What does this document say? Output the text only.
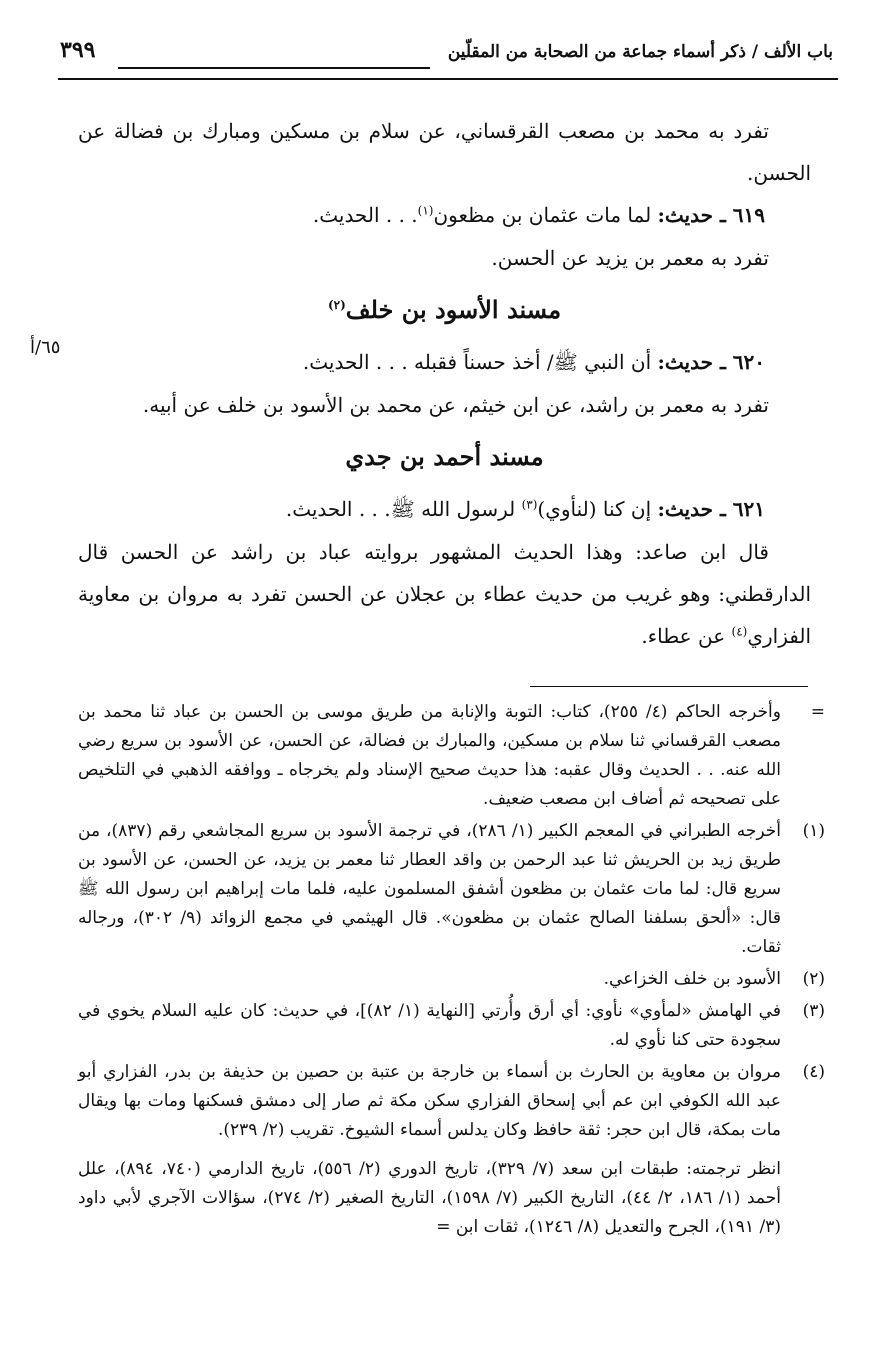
باب الألف / ذكر أسماء جماعة من الصحابة من المقلّين
٣٩٩
٦٥/أ

تفرد به محمد بن مصعب القرقساني، عن سلام بن مسكين ومبارك بن فضالة عن الحسن.

٦١٩ ـ حديث: لما مات عثمان بن مظعون$^{(١)}$. . . الحديث.

تفرد به معمر بن يزيد عن الحسن.

مسند الأسود بن خلف$^{(٢)}$

٦٢٠ ـ حديث: أن النبي ﷺ/ أخذ حسناً فقبله . . . الحديث.

تفرد به معمر بن راشد، عن ابن خيثم، عن محمد بن الأسود بن خلف عن أبيه.

مسند أحمد بن جدي

٦٢١ ـ حديث: إن كنا (لنأوي)$^{(٣)}$ لرسول الله ﷺ. . . الحديث.

قال ابن صاعد: وهذا الحديث المشهور بروايته عباد بن راشد عن الحسن قال الدارقطني: وهو غريب من حديث عطاء بن عجلان عن الحسن تفرد به مروان بن معاوية الفزاري$^{(٤)}$ عن عطاء.

=
وأخرجه الحاكم (٤/ ٢٥٥)، كتاب: التوبة والإنابة من طريق موسى بن الحسن بن عباد ثنا محمد بن مصعب القرقساني ثنا سلام بن مسكين، والمبارك بن فضالة، عن الحسن، عن الأسود بن سريع رضي الله عنه. . . الحديث وقال عقبه: هذا حديث صحيح الإسناد ولم يخرجاه ـ ووافقه الذهبي في التلخيص على تصحيحه ثم أضاف ابن مصعب ضعيف.
(١)
أخرجه الطبراني في المعجم الكبير (١/ ٢٨٦)، في ترجمة الأسود بن سريع المجاشعي رقم (٨٣٧)، من طريق زيد بن الحريش ثنا عبد الرحمن بن واقد العطار ثنا معمر بن يزيد، عن الحسن، عن الأسود بن سريع قال: لما مات عثمان بن مظعون أشفق المسلمون عليه، فلما مات إبراهيم ابن رسول الله ﷺ قال: «ألحق بسلفنا الصالح عثمان بن مظعون». قال الهيثمي في مجمع الزوائد (٩/ ٣٠٢)، ورجاله ثقات.
(٢)
الأسود بن خلف الخزاعي.
(٣)
في الهامش «لمأوي» نأوي: أي أرق وأُرتي [النهاية (١/ ٨٢)]، في حديث: كان عليه السلام يخوي في سجودة حتى كنا نأوي له.
(٤)
مروان بن معاوية بن الحارث بن أسماء بن خارجة بن عتبة بن حصين بن حذيفة بن بدر، الفزاري أبو عبد الله الكوفي ابن عم أبي إسحاق الفزاري سكن مكة ثم صار إلى دمشق فسكنها ومات بها ويقال مات بمكة، قال ابن حجر: ثقة حافظ وكان يدلس أسماء الشيوخ. تقريب (٢/ ٢٣٩).
انظر ترجمته: طبقات ابن سعد (٧/ ٣٢٩)، تاريخ الدوري (٢/ ٥٥٦)، تاريخ الدارمي (٧٤٠، ٨٩٤)، علل أحمد (١/ ١٨٦، ٢/ ٤٤)، التاريخ الكبير (٧/ ١٥٩٨)، التاريخ الصغير (٢/ ٢٧٤)، سؤالات الآجري لأبي داود (٣/ ١٩١)، الجرح والتعديل (٨/ ١٢٤٦)، ثقات ابن =
